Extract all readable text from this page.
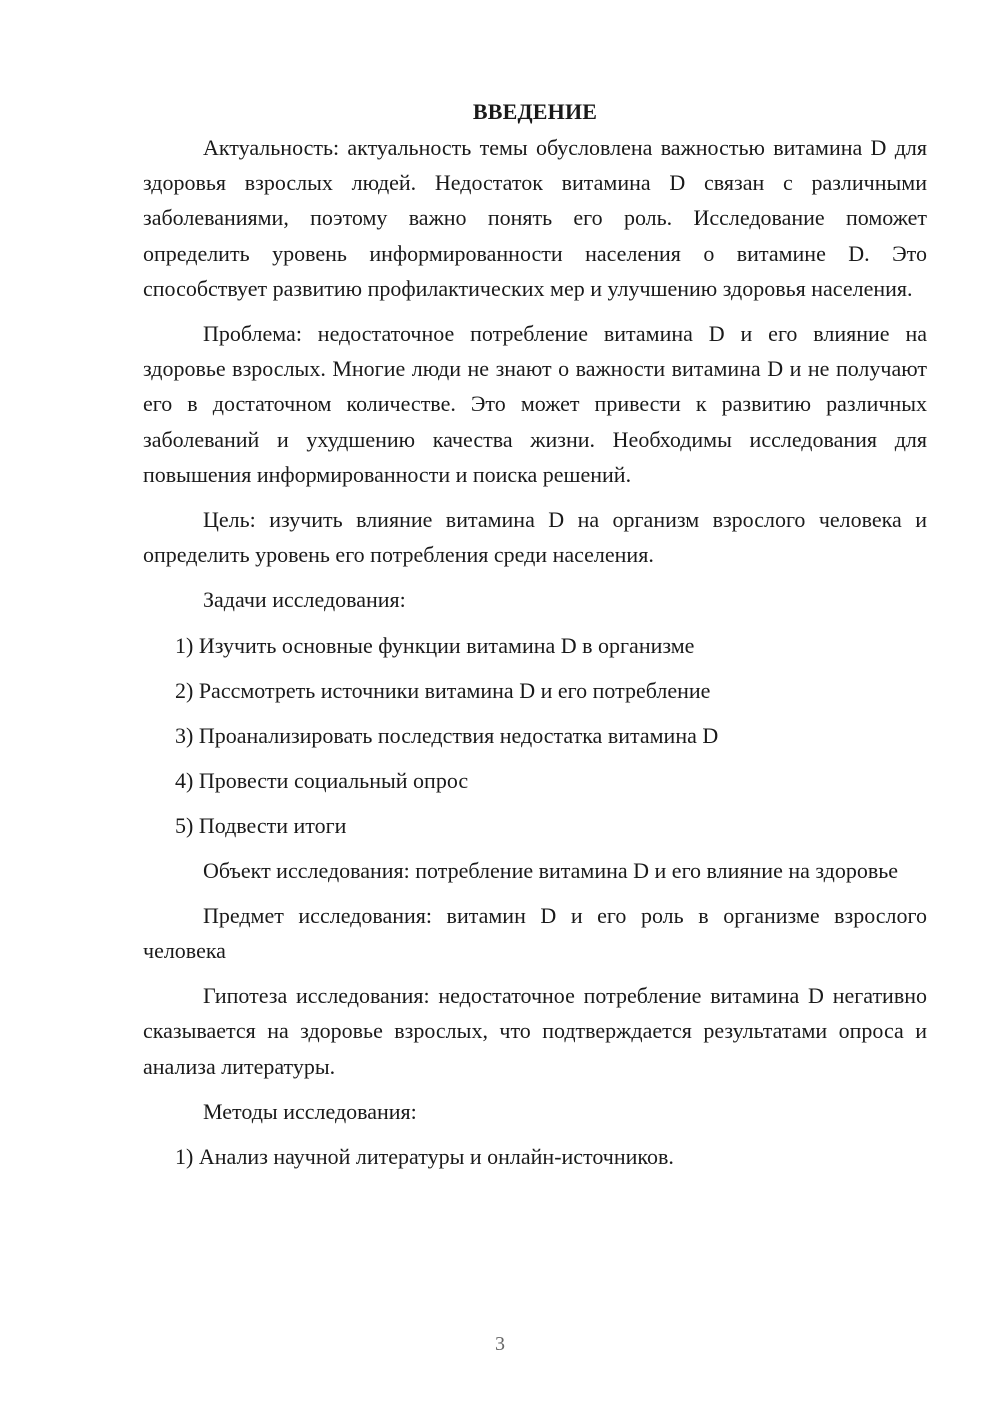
ВВЕДЕНИЕ

Актуальность: актуальность темы обусловлена важностью витамина D для здоровья взрослых людей. Недостаток витамина D связан с различными заболеваниями, поэтому важно понять его роль. Исследование поможет определить уровень информированности населения о витамине D. Это способствует развитию профилактических мер и улучшению здоровья населения.

Проблема: недостаточное потребление витамина D и его влияние на здоровье взрослых. Многие люди не знают о важности витамина D и не получают его в достаточном количестве. Это может привести к развитию различных заболеваний и ухудшению качества жизни. Необходимы исследования для повышения информированности и поиска решений.

Цель: изучить влияние витамина D на организм взрослого человека и определить уровень его потребления среди населения.

Задачи исследования:

1) Изучить основные функции витамина D в организме
2) Рассмотреть источники витамина D и его потребление
3) Проанализировать последствия недостатка витамина D
4) Провести социальный опрос
5) Подвести итоги

Объект исследования: потребление витамина D и его влияние на здоровье

Предмет исследования: витамин D и его роль в организме взрослого человека

Гипотеза исследования: недостаточное потребление витамина D негативно сказывается на здоровье взрослых, что подтверждается результатами опроса и анализа литературы.

Методы исследования:

1) Анализ научной литературы и онлайн-источников.
3
